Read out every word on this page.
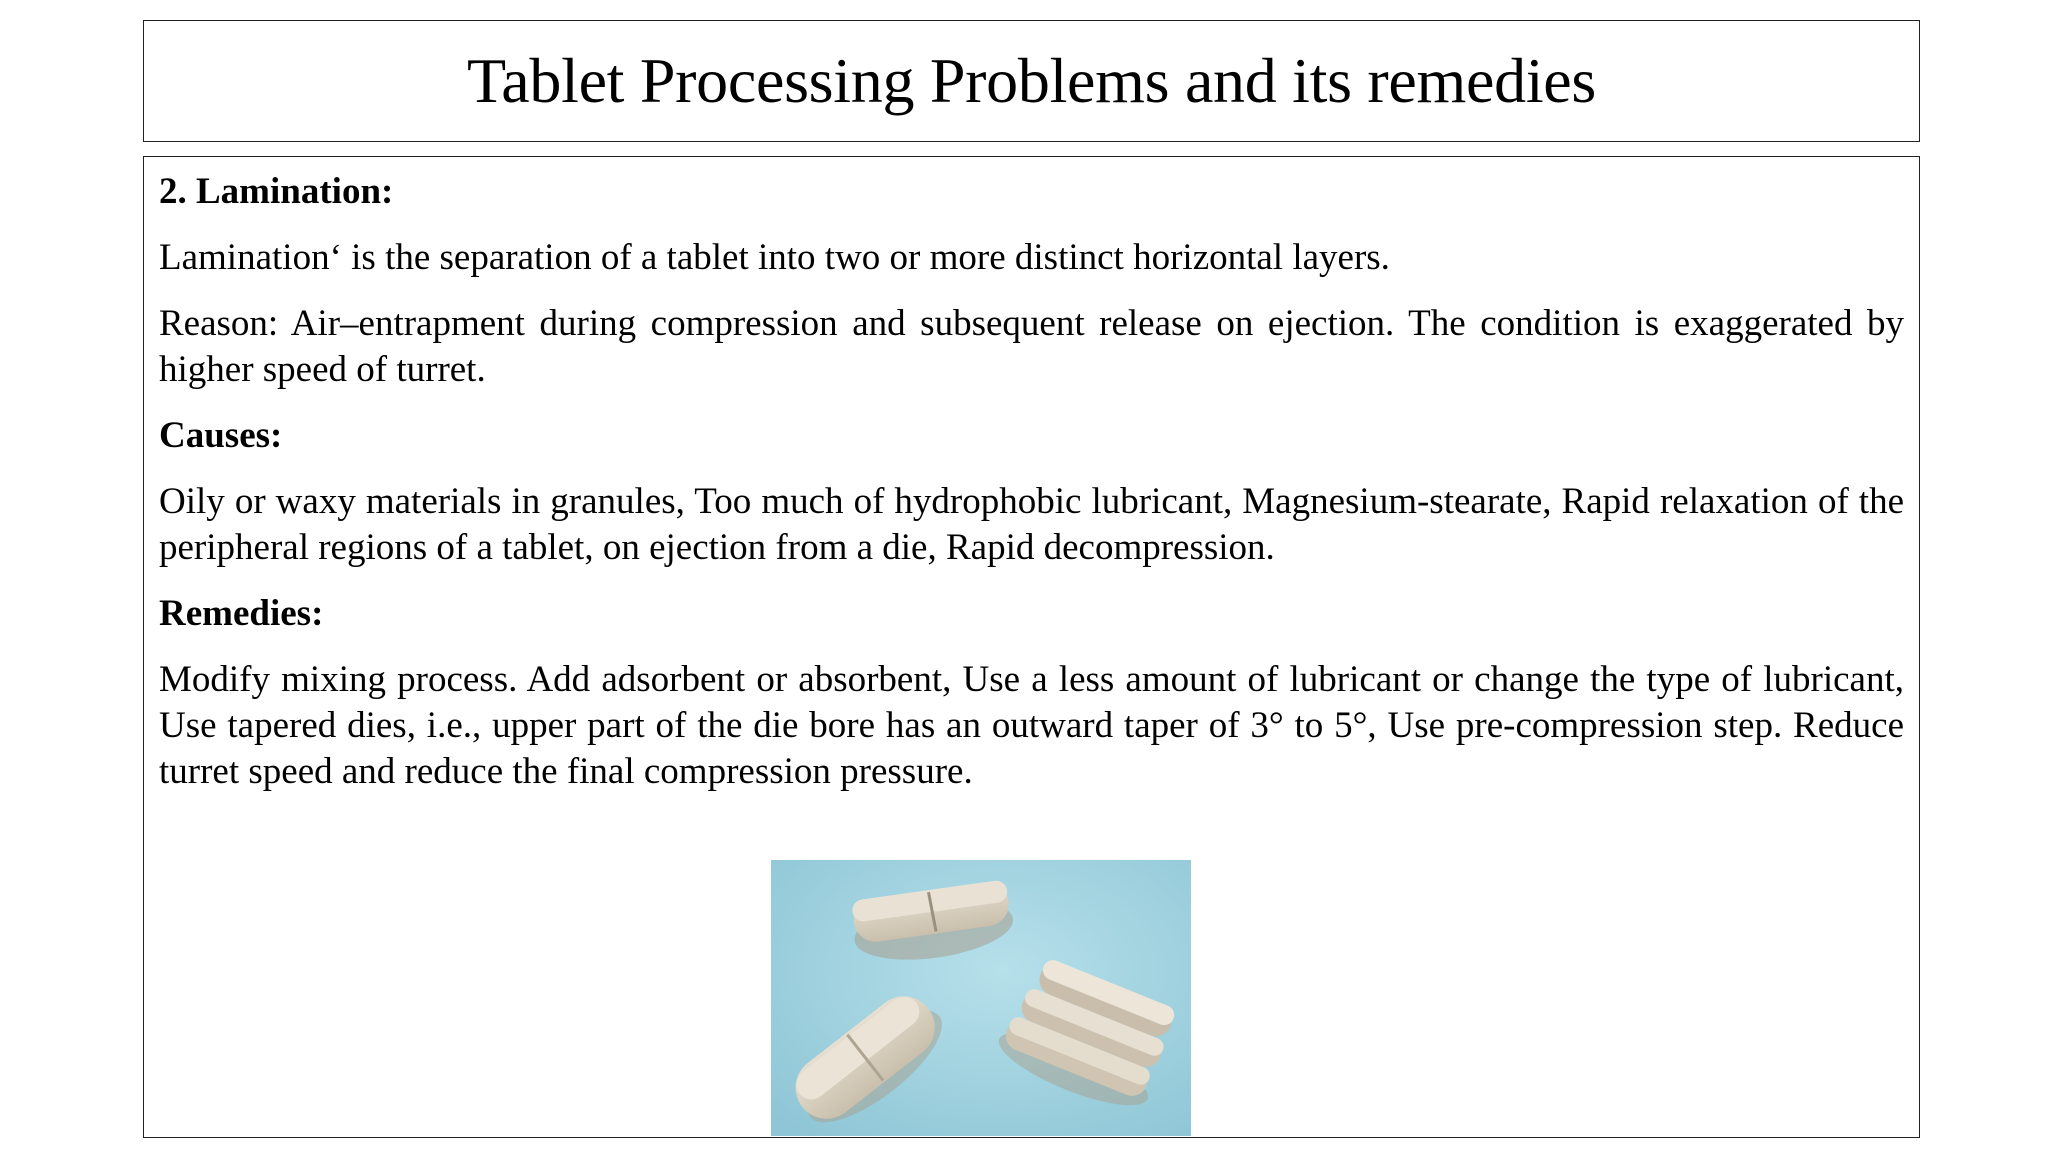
Tablet Processing Problems and its remedies

2. Lamination:

Lamination‘ is the separation of a tablet into two or more distinct horizontal layers.

Reason: Air–entrapment during compression and subsequent release on ejection. The condition is exaggerated by higher speed of turret.

Causes:

Oily or waxy materials in granules, Too much of hydrophobic lubricant, Magnesium-stearate, Rapid relaxation of the peripheral regions of a tablet, on ejection from a die, Rapid decompression.

Remedies:

Modify mixing process. Add adsorbent or absorbent, Use a less amount of lubricant or change the type of lubricant, Use tapered dies, i.e., upper part of the die bore has an outward taper of 3° to 5°, Use pre-compression step. Reduce turret speed and reduce the final compression pressure.
